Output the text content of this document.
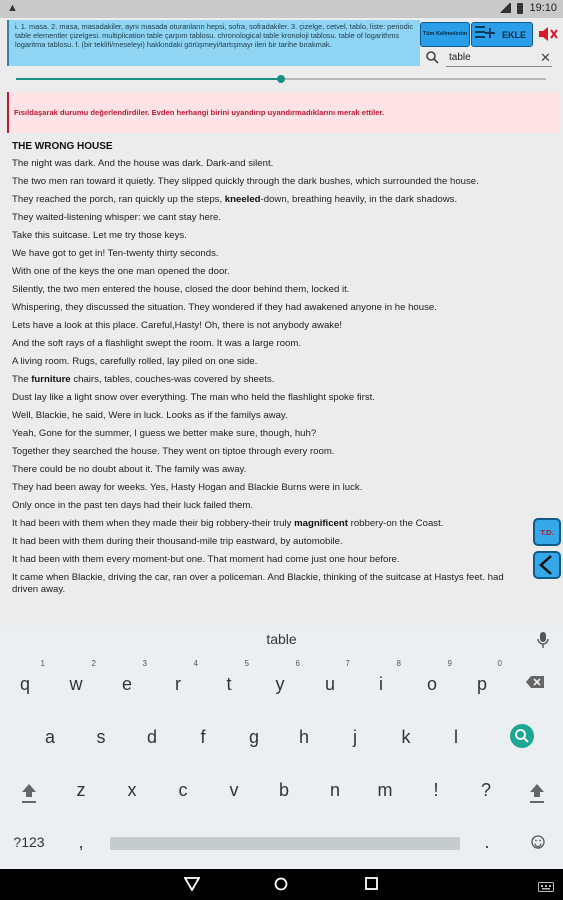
▲	19:10

i. 1. masa. 2. masa, masadakiler, aynı masada oturanların hepsi, sofra, sofradakiler. 3. çizelge, cetvel, tablo, liste: periodic table elementler çizelgesi. multiplication table çarpım tablosu. chronological table kronoloji tablosu. table of logarithms logaritma tablosu. f. (bir teklifi/meseleyi) hakkındaki görüşmeyi/tartışmayı ileri bir tarihe bırakmak.

Tüm Kelimelerim	EKLE
table	✕
Fısıldaşarak durumu değerlendirdiler. Evden herhangi birini uyandırıp uyandırmadıklarını merak ettiler.
THE WRONG HOUSE
The night was dark. And the house was dark. Dark-and silent.
The two men ran toward it quietly. They slipped quickly through the dark bushes, which surrounded the house.
They reached the porch, ran quickly up the steps, kneeled-down, breathing heavily, in the dark shadows.
They waited-listening whisper: we cant stay here.
Take this suitcase. Let me try those keys.
We have got to get in! Ten-twenty thirty seconds.
With one of the keys the one man opened the door.
Silently, the two men entered the house, closed the door behind them, locked it.
Whispering, they discussed the situation. They wondered if they had awakened anyone in he house.
Lets have a look at this place. Careful,Hasty! Oh, there is not anybody awake!
And the soft rays of a flashlight swept the room. It was a large room.
A living room. Rugs, carefully rolled, lay piled on one side.
The furniture chairs, tables, couches-was covered by sheets.
Dust lay like a light snow over everything. The man who held the flashlight spoke first.
Well, Blackie, he said, Were in luck. Looks as if the familys away.
Yeah, Gone for the summer, I guess we better make sure, though, huh?
Together they searched the house. They went on tiptoe through every room.
There could be no doubt about it. The family was away.
They had been away for weeks. Yes, Hasty Hogan and Blackie Burns were in luck.
Only once in the past ten days had their luck failed them.
It had been with them when they made their big robbery-their truly magnificent robbery-on the Coast.
It had been with them during their thousand-mile trip eastward, by automobile.
It had been with them every moment-but one. That moment had come just one hour before.
It came when Blackie, driving the car, ran over a policeman. And Blackie, thinking of the suitcase at Hastys feet. had driven away.
T.D.
table
?123	,	.
1
q
2
w
3
e
4
r
5
t
6
y
7
u
8
i
9
o
0
p
a	s	d	f	g	h	j	k	l
z	x	c	v	b	n	m	!	?
